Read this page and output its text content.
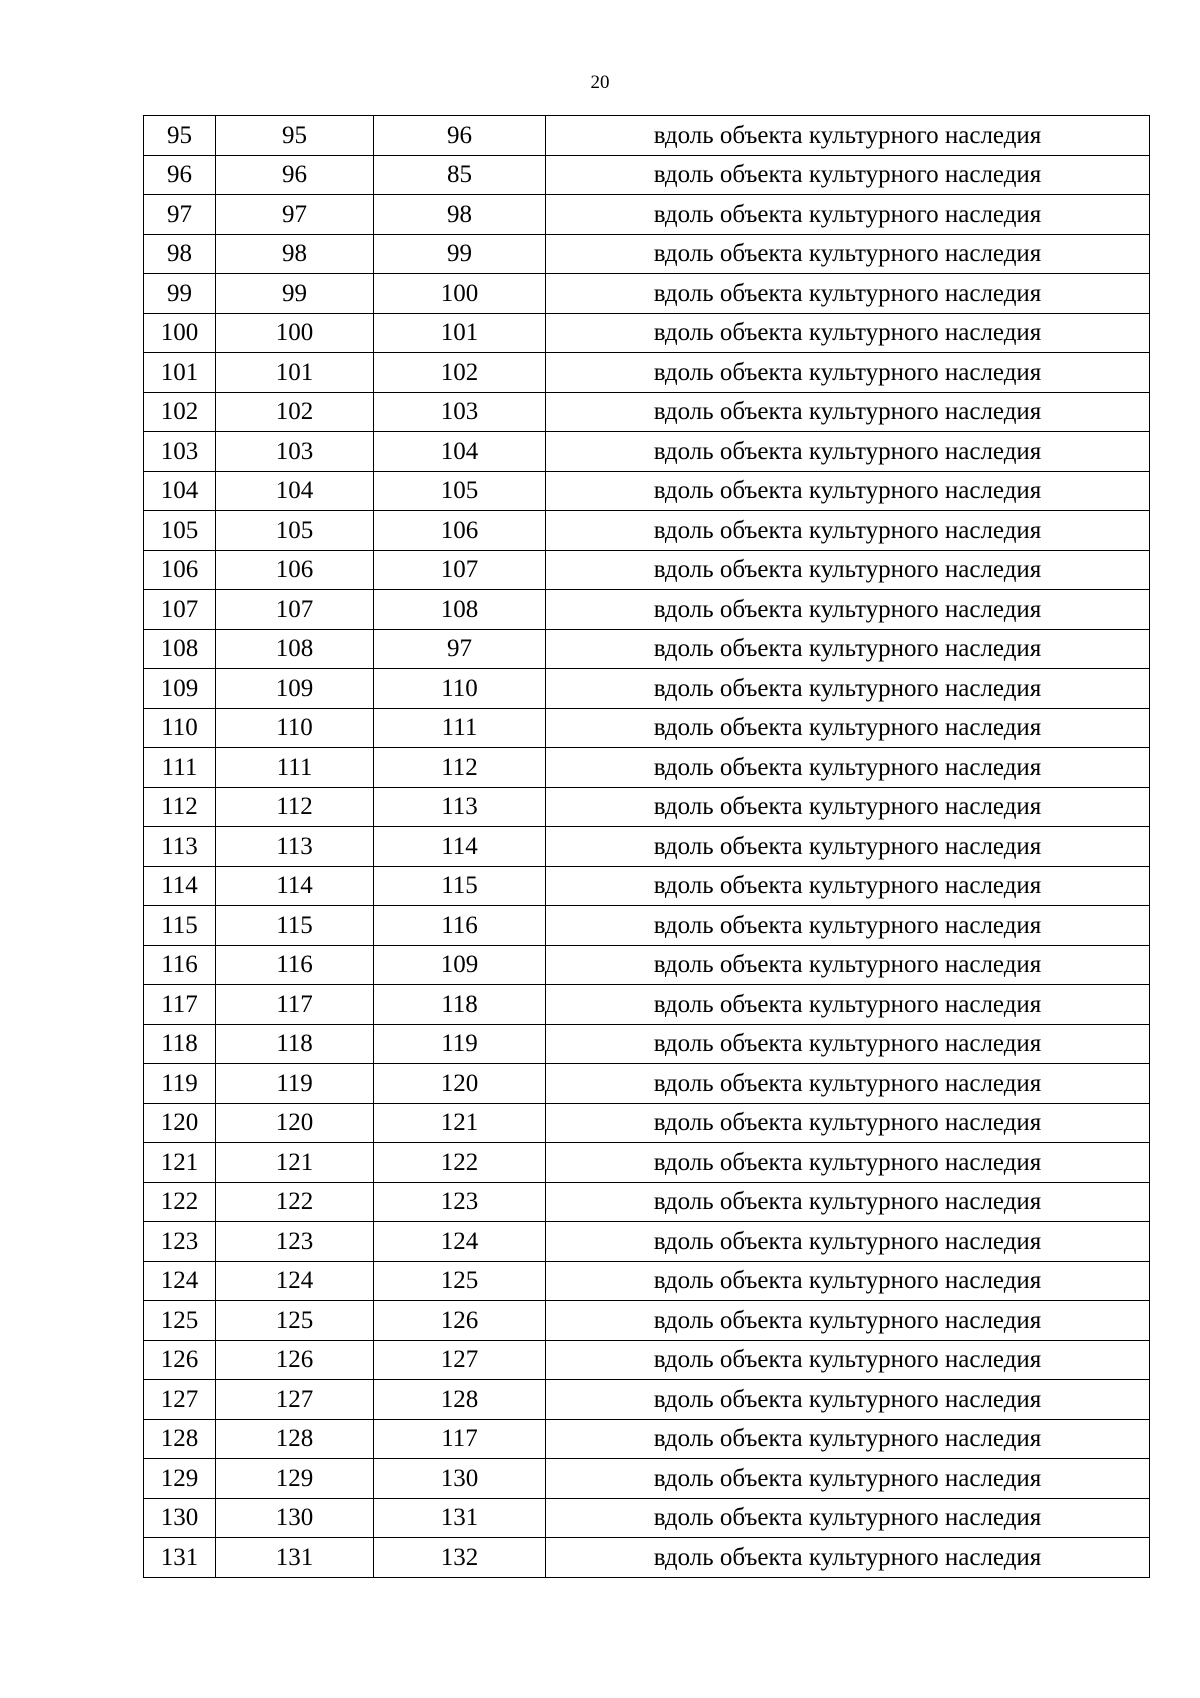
20
95	95	96	вдоль объекта культурного наследия
96	96	85	вдоль объекта культурного наследия
97	97	98	вдоль объекта культурного наследия
98	98	99	вдоль объекта культурного наследия
99	99	100	вдоль объекта культурного наследия
100	100	101	вдоль объекта культурного наследия
101	101	102	вдоль объекта культурного наследия
102	102	103	вдоль объекта культурного наследия
103	103	104	вдоль объекта культурного наследия
104	104	105	вдоль объекта культурного наследия
105	105	106	вдоль объекта культурного наследия
106	106	107	вдоль объекта культурного наследия
107	107	108	вдоль объекта культурного наследия
108	108	97	вдоль объекта культурного наследия
109	109	110	вдоль объекта культурного наследия
110	110	111	вдоль объекта культурного наследия
111	111	112	вдоль объекта культурного наследия
112	112	113	вдоль объекта культурного наследия
113	113	114	вдоль объекта культурного наследия
114	114	115	вдоль объекта культурного наследия
115	115	116	вдоль объекта культурного наследия
116	116	109	вдоль объекта культурного наследия
117	117	118	вдоль объекта культурного наследия
118	118	119	вдоль объекта культурного наследия
119	119	120	вдоль объекта культурного наследия
120	120	121	вдоль объекта культурного наследия
121	121	122	вдоль объекта культурного наследия
122	122	123	вдоль объекта культурного наследия
123	123	124	вдоль объекта культурного наследия
124	124	125	вдоль объекта культурного наследия
125	125	126	вдоль объекта культурного наследия
126	126	127	вдоль объекта культурного наследия
127	127	128	вдоль объекта культурного наследия
128	128	117	вдоль объекта культурного наследия
129	129	130	вдоль объекта культурного наследия
130	130	131	вдоль объекта культурного наследия
131	131	132	вдоль объекта культурного наследия
